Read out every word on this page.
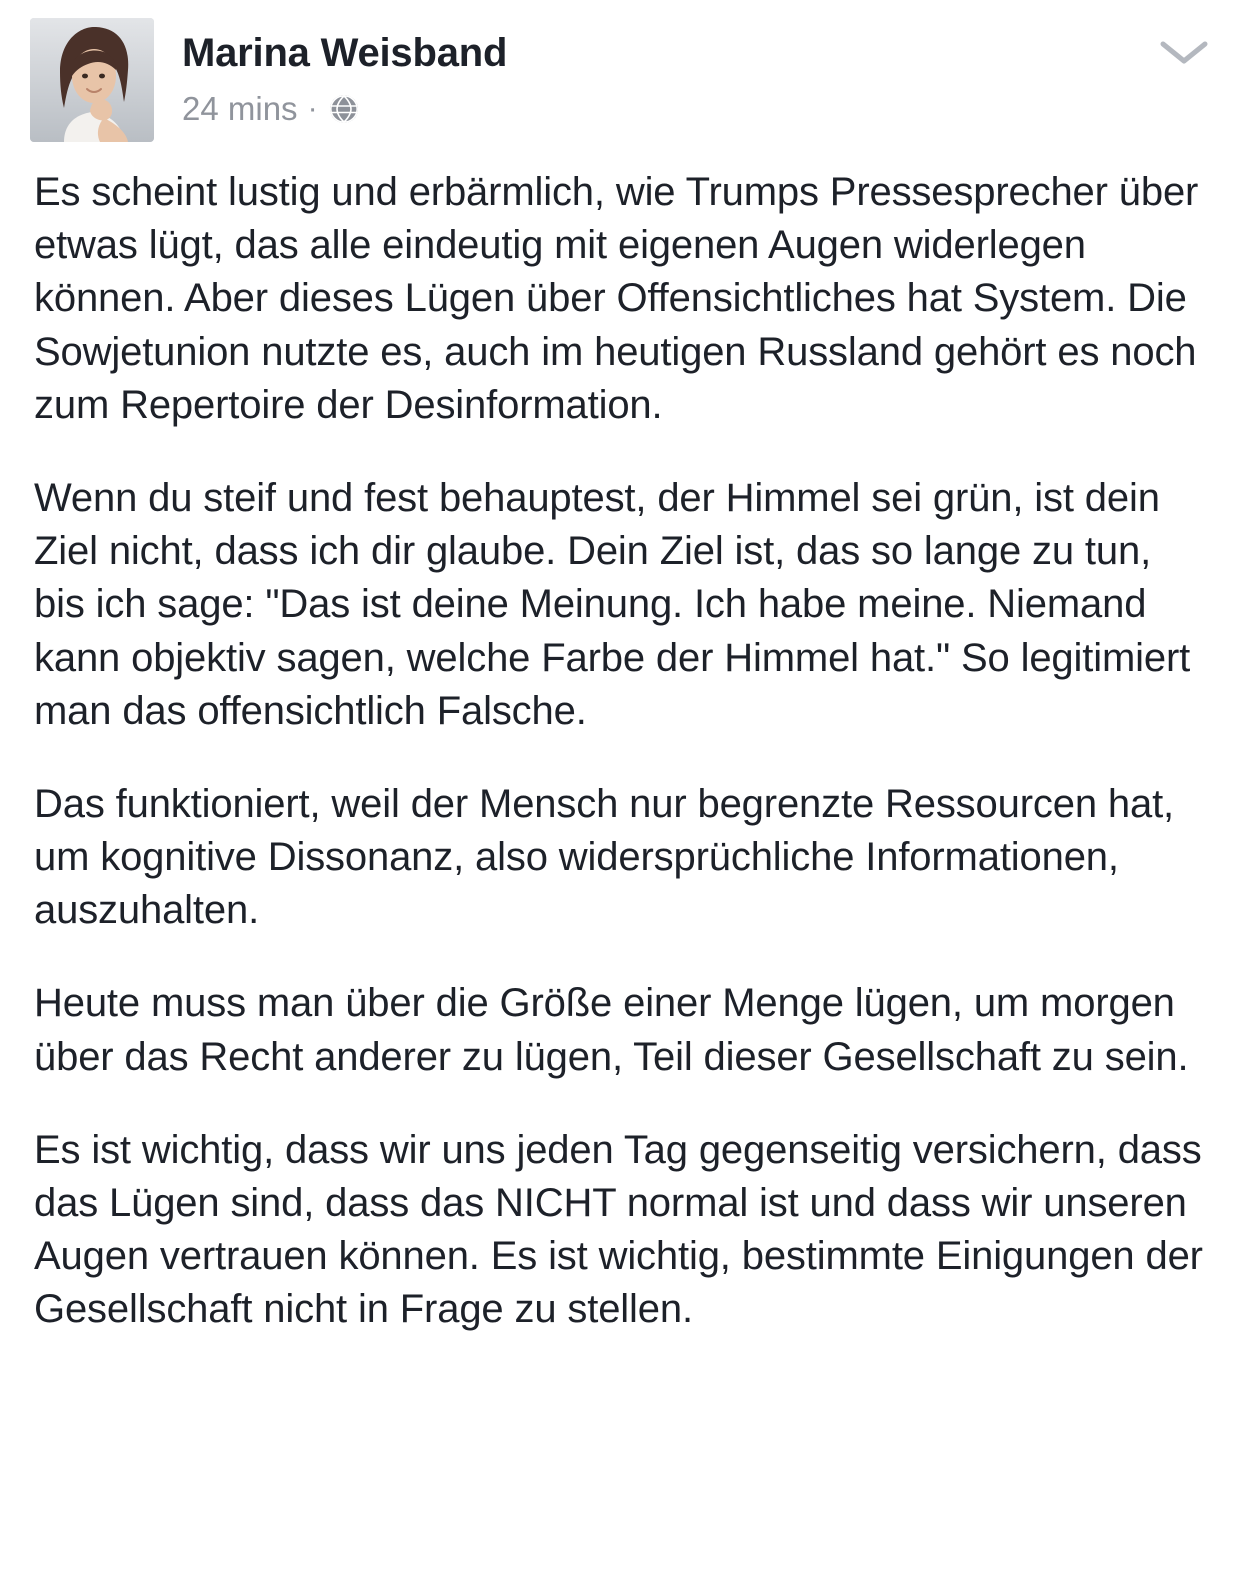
Marina Weisband
24 mins ·

Es scheint lustig und erbärmlich, wie Trumps Pressesprecher über etwas lügt, das alle eindeutig mit eigenen Augen widerlegen können. Aber dieses Lügen über Offensichtliches hat System. Die Sowjetunion nutzte es, auch im heutigen Russland gehört es noch zum Repertoire der Desinformation.

Wenn du steif und fest behauptest, der Himmel sei grün, ist dein Ziel nicht, dass ich dir glaube. Dein Ziel ist, das so lange zu tun, bis ich sage: "Das ist deine Meinung. Ich habe meine. Niemand kann objektiv sagen, welche Farbe der Himmel hat." So legitimiert man das offensichtlich Falsche.

Das funktioniert, weil der Mensch nur begrenzte Ressourcen hat, um kognitive Dissonanz, also widersprüchliche Informationen, auszuhalten.

Heute muss man über die Größe einer Menge lügen, um morgen über das Recht anderer zu lügen, Teil dieser Gesellschaft zu sein.

Es ist wichtig, dass wir uns jeden Tag gegenseitig versichern, dass das Lügen sind, dass das NICHT normal ist und dass wir unseren Augen vertrauen können. Es ist wichtig, bestimmte Einigungen der Gesellschaft nicht in Frage zu stellen.
